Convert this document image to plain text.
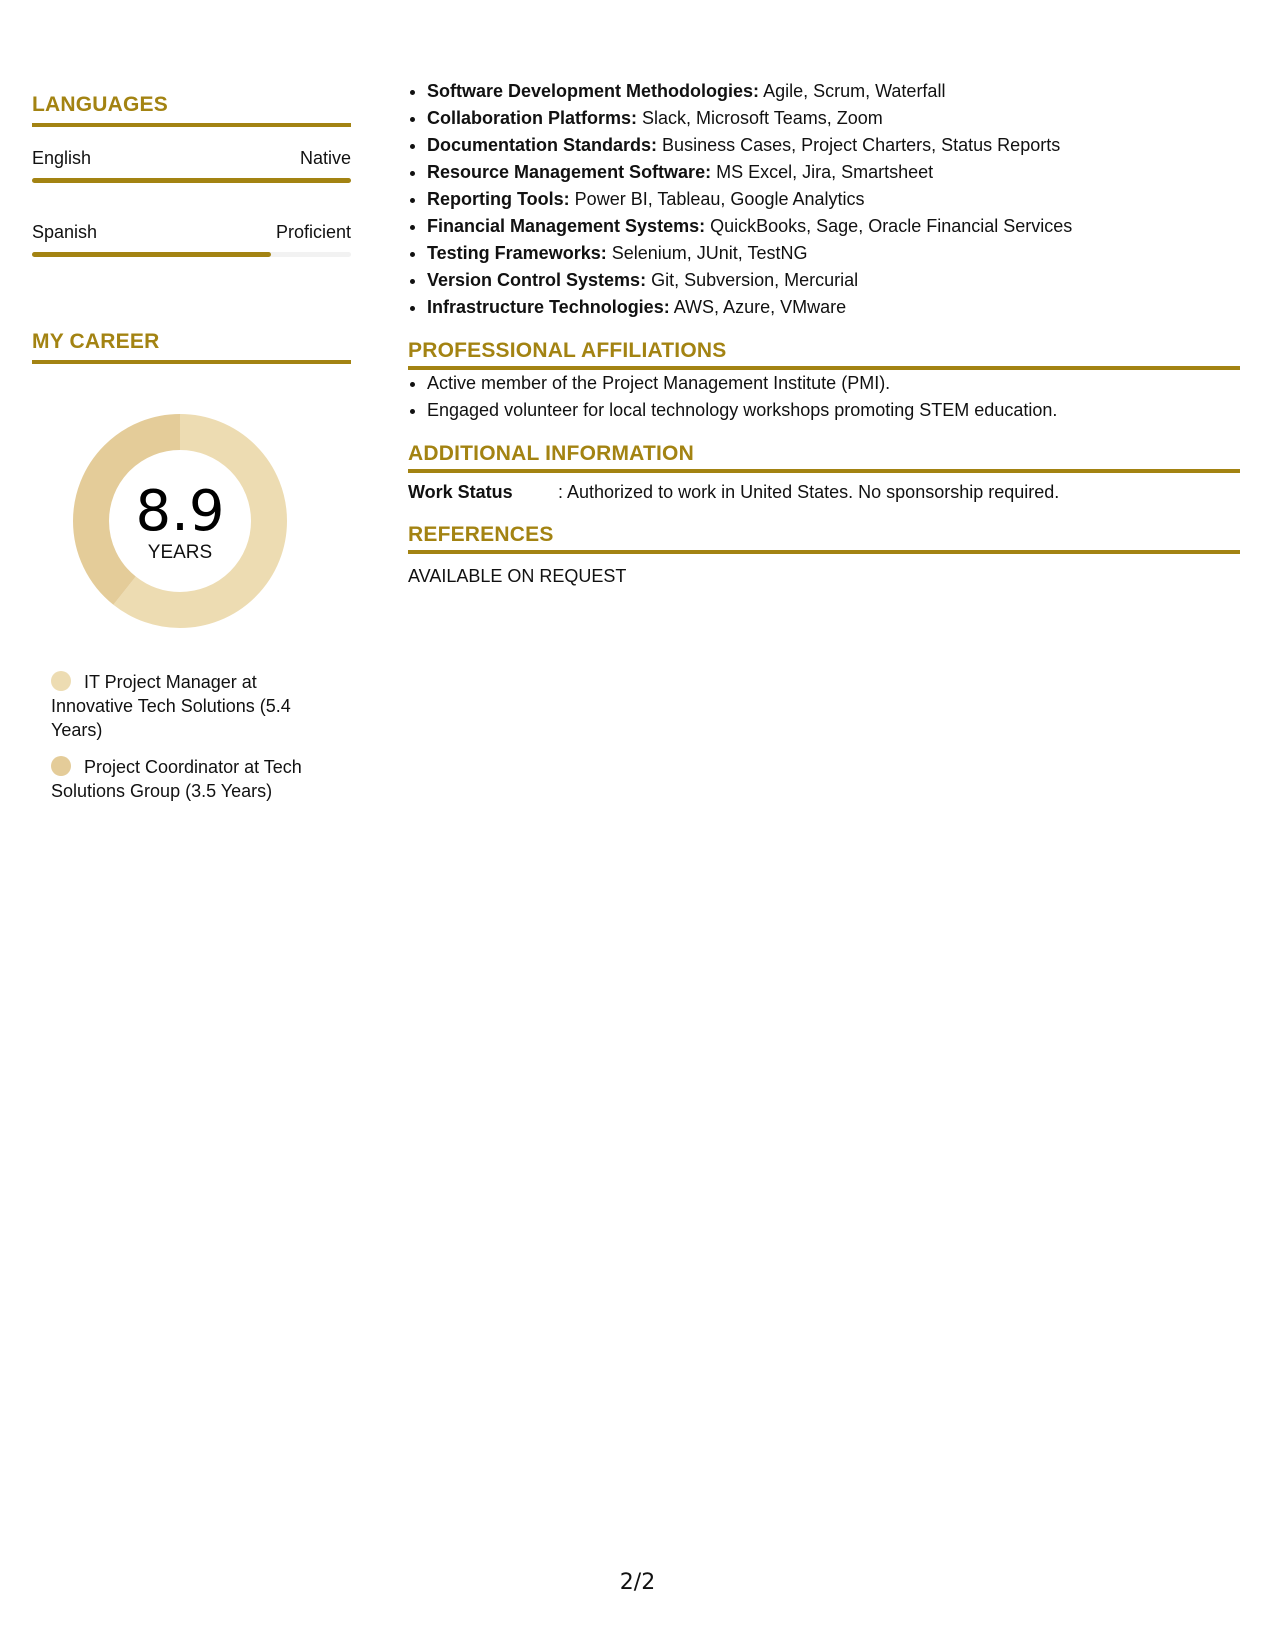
LANGUAGES
English	Native
Spanish	Proficient
MY CAREER
8.9
YEARS
IT Project Manager at Innovative Tech Solutions (5.4 Years)
Project Coordinator at Tech Solutions Group (3.5 Years)
• Software Development Methodologies: Agile, Scrum, Waterfall
• Collaboration Platforms: Slack, Microsoft Teams, Zoom
• Documentation Standards: Business Cases, Project Charters, Status Reports
• Resource Management Software: MS Excel, Jira, Smartsheet
• Reporting Tools: Power BI, Tableau, Google Analytics
• Financial Management Systems: QuickBooks, Sage, Oracle Financial Services
• Testing Frameworks: Selenium, JUnit, TestNG
• Version Control Systems: Git, Subversion, Mercurial
• Infrastructure Technologies: AWS, Azure, VMware
PROFESSIONAL AFFILIATIONS
• Active member of the Project Management Institute (PMI).
• Engaged volunteer for local technology workshops promoting STEM education.
ADDITIONAL INFORMATION
Work Status	: Authorized to work in United States. No sponsorship required.
REFERENCES
AVAILABLE ON REQUEST
2/2
